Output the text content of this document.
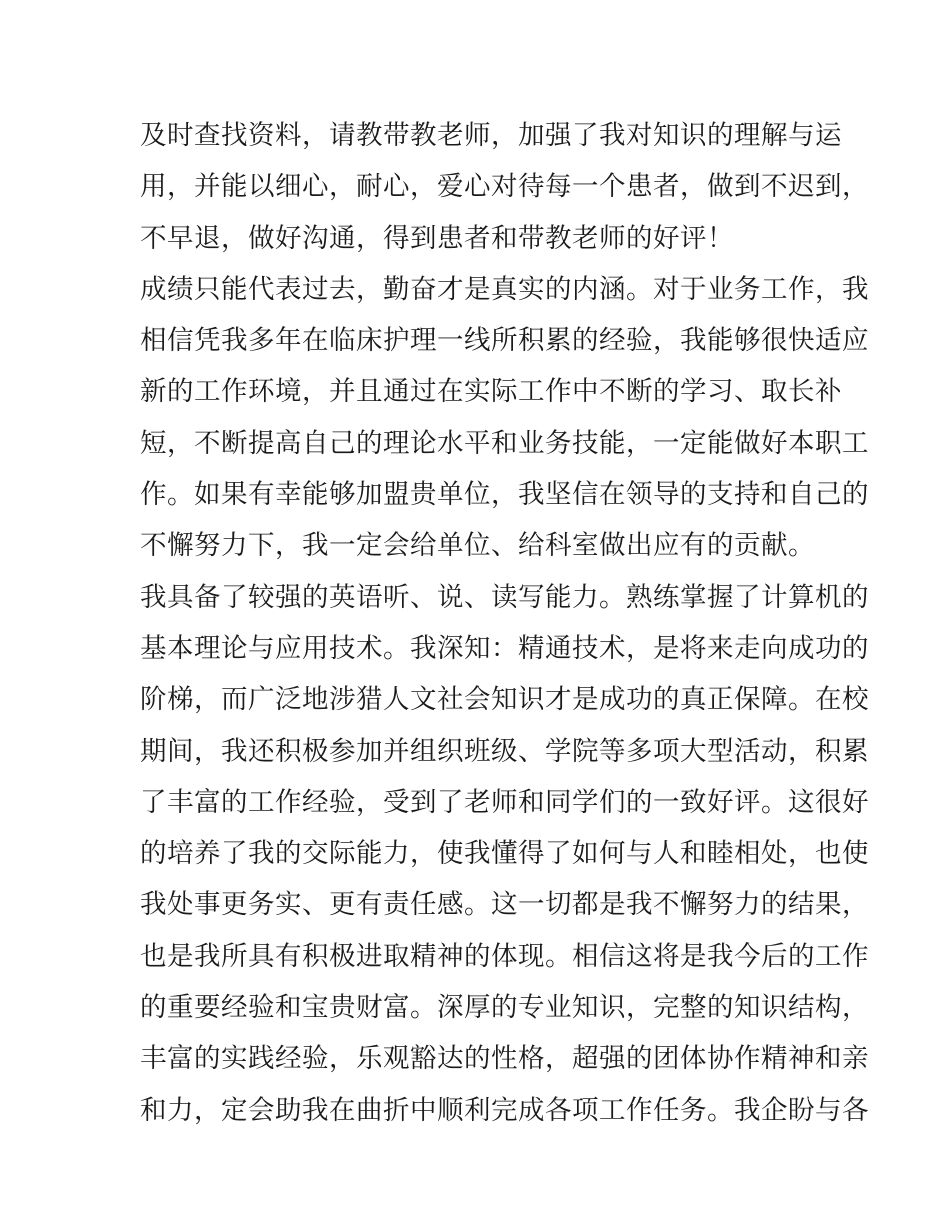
及时查找资料，请教带教老师，加强了我对知识的理解与运
用，并能以细心，耐心，爱心对待每一个患者，做到不迟到，
不早退，做好沟通，得到患者和带教老师的好评！
成绩只能代表过去，勤奋才是真实的内涵。对于业务工作，我
相信凭我多年在临床护理一线所积累的经验，我能够很快适应
新的工作环境，并且通过在实际工作中不断的学习、取长补
短，不断提高自己的理论水平和业务技能，一定能做好本职工
作。如果有幸能够加盟贵单位，我坚信在领导的支持和自己的
不懈努力下，我一定会给单位、给科室做出应有的贡献。
我具备了较强的英语听、说、读写能力。熟练掌握了计算机的
基本理论与应用技术。我深知：精通技术，是将来走向成功的
阶梯，而广泛地涉猎人文社会知识才是成功的真正保障。在校
期间，我还积极参加并组织班级、学院等多项大型活动，积累
了丰富的工作经验，受到了老师和同学们的一致好评。这很好
的培养了我的交际能力，使我懂得了如何与人和睦相处，也使
我处事更务实、更有责任感。这一切都是我不懈努力的结果，
也是我所具有积极进取精神的体现。相信这将是我今后的工作
的重要经验和宝贵财富。深厚的专业知识，完整的知识结构，
丰富的实践经验，乐观豁达的性格，超强的团体协作精神和亲
和力，定会助我在曲折中顺利完成各项工作任务。我企盼与各
